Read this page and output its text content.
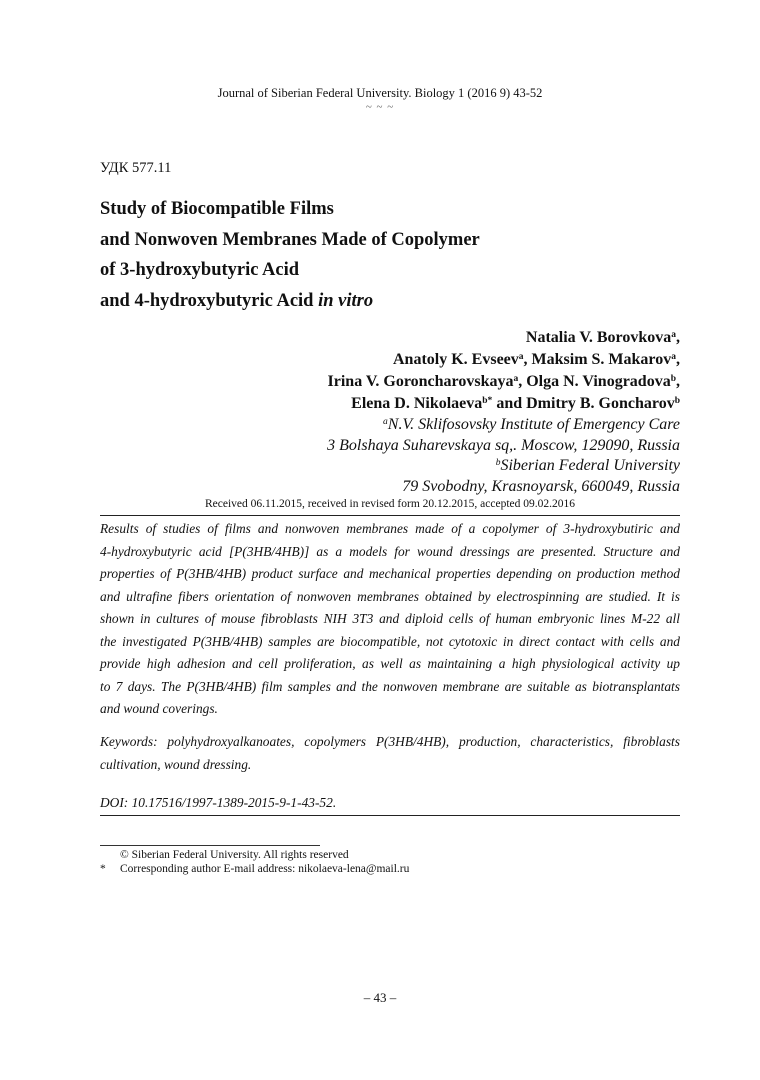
Journal of Siberian Federal University. Biology 1 (2016 9) 43-52
~ ~ ~
УДК 577.11
Study of Biocompatible Films
and Nonwoven Membranes Made of Copolymer
of 3-hydroxybutyric Acid
and 4-hydroxybutyric Acid in vitro
Natalia V. Borovkova$^a$,
Anatoly K. Evseev$^a$, Maksim S. Makarov$^a$,
Irina V. Goroncharovskaya$^a$, Olga N. Vinogradova$^b$,
Elena D. Nikolaeva$^{b*}$ and Dmitry B. Goncharov$^b$
$^a$N.V. Sklifosovsky Institute of Emergency Care
3 Bolshaya Suharevskaya sq,. Moscow, 129090, Russia
$^b$Siberian Federal University
79 Svobodny, Krasnoyarsk, 660049, Russia
Received 06.11.2015, received in revised form 20.12.2015, accepted 09.02.2016
Results of studies of films and nonwoven membranes made of a copolymer of 3-hydroxybutiric and
4-hydroxybutyric acid [P(3HB/4HB)] as a models for wound dressings are presented. Structure and
properties of P(3HB/4HB) product surface and mechanical properties depending on production method
and ultrafine fibers orientation of nonwoven membranes obtained by electrospinning are studied. It is
shown in cultures of mouse fibroblasts NIH 3T3 and diploid cells of human embryonic lines M-22 all
the investigated P(3HB/4HB) samples are biocompatible, not cytotoxic in direct contact with cells and
provide high adhesion and cell proliferation, as well as maintaining a high physiological activity up
to 7 days. The P(3HB/4HB) film samples and the nonwoven membrane are suitable as biotransplantats
and wound coverings.
Keywords: polyhydroxyalkanoates, copolymers P(3HB/4HB), production, characteristics, fibroblasts
cultivation, wound dressing.
DOI: 10.17516/1997-1389-2015-9-1-43-52.
© Siberian Federal University. All rights reserved
* Corresponding author E-mail address: nikolaeva-lena@mail.ru
– 43 –
